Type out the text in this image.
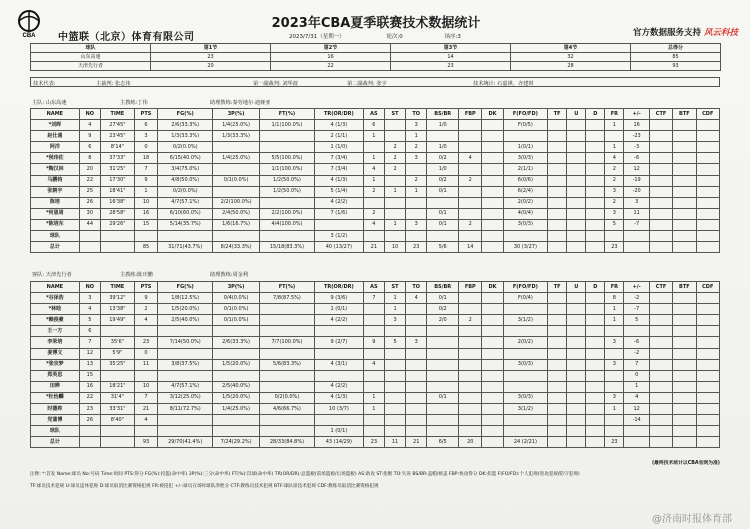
CBA 中篮联（北京）体育有限公司
2023年CBA夏季联赛技术数据统计
2023/7/31（星期一）	轮次:0	场序:3	官方数据服务支持 风云科技
球队	第1节	第2节	第3节	第4节	总得分
山东高速	23	16	14	32	85
天津先行者	20	22	23	28	93
技术代表:	主裁判: 张志伟	第一副裁判: 刘华波	第二副裁判: 张宇	技术统计: 石嘉祺、齐建琪
主队: 山东高速	主教练:丁伟	助理教练:秦劳地尔·迪娅亚
NAME	NO	TIME	PTS	FG(%)	3P(%)	FT(%)	TR(OR/DR)	AS	ST	TO	BS/BR	FBP	DK	F(FO/FD)	TF	U	D	FR	+/-	CTF	BTF	CDF
*刘晖	4	27'45"	6	2/6(33.3%)	1/4(25.0%)	1/1(100.0%)	4 (1/3)	6		3	1/0			F(0/5)				1	16			
赵仕通	9	23'45"	3	1/3(33.3%)	1/3(33.3%)		2 (1/1)	1		1									-23			
阿洋	6	8'14"	0	0/2(0.0%)			1 (1/0)		2	2	1/0			1(0/1)				1	-3			
*侯玮佐	8	37'33"	18	6/15(40.0%)	1/4(25.0%)	5/5(100.0%)	7 (3/4)	1	2	3	0/2	4		3(0/3)				4	-6			
*陶汉林	20	31'25"	7	3/4(75.0%)		1/1(100.0%)	7 (3/4)	4	2		1/0			2(1/1)				2	12			
马鹏钧	22	17'30"	9	4/8(50.0%)	0/1(0.0%)	1/2(50.0%)	4 (1/3)	1		2	0/2	2		6(0/6)				2	-19			
张朝宇	25	18'41"	1	0/2(0.0%)		1/2(50.0%)	5 (1/4)	2	1	1	0/1			6(2/4)				3	-20			
陈培	26	16'38"	10	4/7(57.1%)	2/2(100.0%)		4 (2/2)							2(0/2)				2	3			
*何恩周	30	28'58"	16	6/10(60.0%)	2/4(50.0%)	2/2(100.0%)	7 (1/6)	2			0/1			4(0/4)				3	11			
*陈培东	44	29'26"	15	5/14(35.7%)	1/6(16.7%)	4/4(100.0%)		4	1	3	0/1	2		3(0/3)				5	-7			
球队							3 (1/2)															
总计			85	31/71(43.7%)	8/24(33.3%)	15/18(83.3%)	40 (13/27)	21	10	23	5/6	14		30 (3/27)				23				
客队: 天津先行者	主教练:陈庆鹏	助理教练:周金利
NAME	NO	TIME	PTS	FG(%)	3P(%)	FT(%)	TR(OR/DR)	AS	ST	TO	BS/BR	FBP	DK	F(FO/FD)	TF	U	D	FR	+/-	CTF	BTF	CDF
*谷泽浩	3	39'12"	9	1/8(12.5%)	0/4(0.0%)	7/8(87.5%)	9 (3/6)	7	1	4	0/1			F(0/4)				8	-2			
*林晗	4	13'38"	2	1/5(20.0%)	0/1(0.0%)		1 (0/1)		1		0/2							1	-7			
*赖俊豪	5	19'49"	4	2/5(40.0%)	0/1(0.0%)		4 (2/2)		3		2/0	2		3(1/2)				1	5			
王一方	6																					
李荣培	7	35'6"	23	7/14(50.0%)	2/6(33.3%)	7/7(100.0%)	9 (2/7)	9	5	3				2(0/2)				3	-6			
姜博文	12	5'9"	0																-2			
*张宗梦	13	35'25"	11	3/8(37.5%)	1/5(20.0%)	5/6(83.3%)	4 (3/1)	4						3(0/3)				3	7			
郑英思	15																		0			
田晔	16	18'21"	10	4/7(57.1%)	2/5(40.0%)		4 (2/2)												1			
*杜怡麟	22	31'4"	7	3/12(25.0%)	1/5(20.0%)	0/2(0.0%)	4 (1/3)	1			0/1			3(0/3)				3	4			
时德帅	23	33'31"	21	8/11(72.7%)	1/4(25.0%)	4/6(66.7%)	10 (3/7)	1						3(1/2)				1	12			
党蒲博	26	8'40"	4																-14			
球队							1 (0/1)															
总计			93	29/70(41.4%)	7/24(29.2%)	28/33(84.8%)	43 (14/29)	23	11	21	6/5	20		24 (2/21)				23				
(最终技术统计以CBA官网为准)
注释: *:首发 Name:球员 No:号码 Time:时间 PTS:得分 FG(%):投篮(命中率) 3P(%):三分(命中率) FT(%):罚球(命中率) TR(OR/DR):总篮板(前场篮板/后场篮板) AS:助攻 ST:抢断 TO:失误 BS/BR:盖帽/被盖 FBP:快攻得分 DK:扣篮 F(FO/FD):个人犯规(进攻犯规/防守犯规)
TF:球员技术犯规 U:球员违体犯规 D:球员取消比赛资格犯规 FR:被侵犯 +/-:球员在场时球队净胜分 CTF:教练员技术犯规 BTF:球队席技术犯规 CDF:教练员取消比赛资格犯规
@济南时报体育部
